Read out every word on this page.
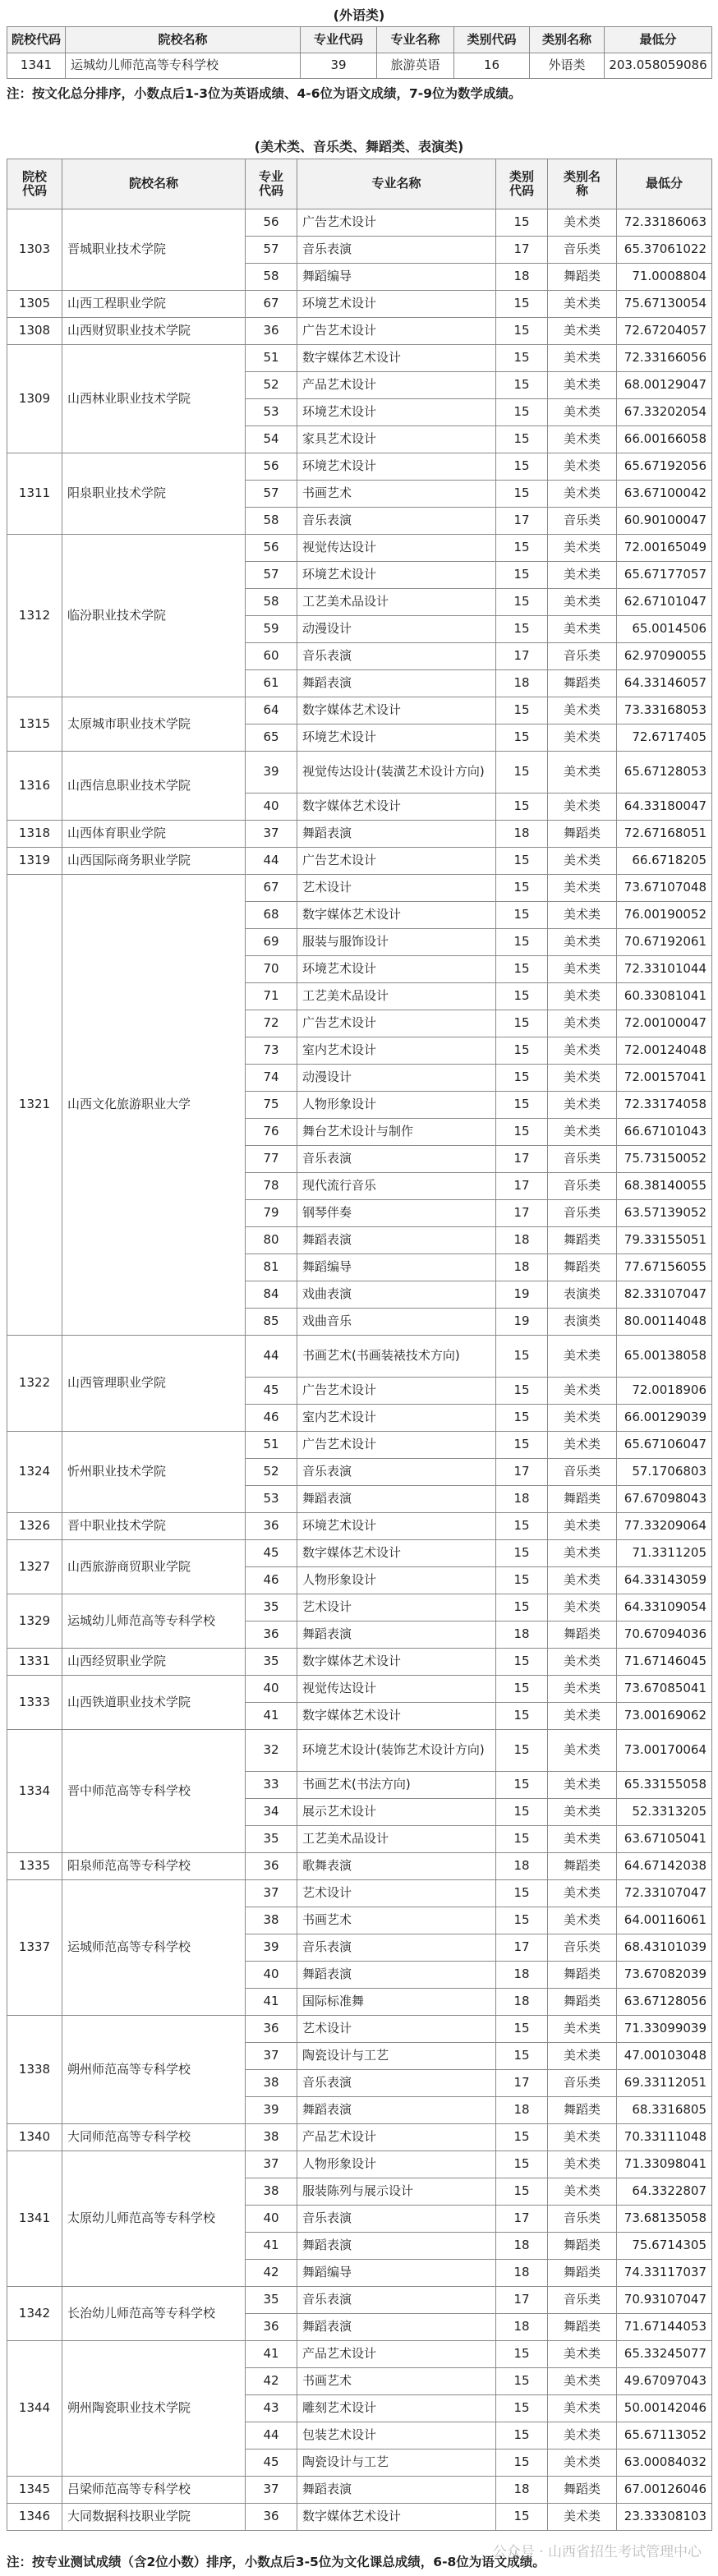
(外语类)
院校代码	院校名称	专业代码	专业名称	类别代码	类别名称	最低分
1341	运城幼儿师范高等专科学校	39	旅游英语	16	外语类	203.058059086
注：按文化总分排序，小数点后1-3位为英语成绩、4-6位为语文成绩，7-9位为数学成绩。
(美术类、音乐类、舞蹈类、表演类)
院校代码	院校名称	专业代码	专业名称	类别代码	类别名称	最低分
1303	晋城职业技术学院	56	广告艺术设计	15	美术类	72.33186063
		57	音乐表演	17	音乐类	65.37061022
		58	舞蹈编导	18	舞蹈类	71.0008804
1305	山西工程职业学院	67	环境艺术设计	15	美术类	75.67130054
1308	山西财贸职业技术学院	36	广告艺术设计	15	美术类	72.67204057
1309	山西林业职业技术学院	51	数字媒体艺术设计	15	美术类	72.33166056
		52	产品艺术设计	15	美术类	68.00129047
		53	环境艺术设计	15	美术类	67.33202054
		54	家具艺术设计	15	美术类	66.00166058
1311	阳泉职业技术学院	56	环境艺术设计	15	美术类	65.67192056
		57	书画艺术	15	美术类	63.67100042
		58	音乐表演	17	音乐类	60.90100047
1312	临汾职业技术学院	56	视觉传达设计	15	美术类	72.00165049
		57	环境艺术设计	15	美术类	65.67177057
		58	工艺美术品设计	15	美术类	62.67101047
		59	动漫设计	15	美术类	65.0014506
		60	音乐表演	17	音乐类	62.97090055
		61	舞蹈表演	18	舞蹈类	64.33146057
1315	太原城市职业技术学院	64	数字媒体艺术设计	15	美术类	73.33168053
		65	环境艺术设计	15	美术类	72.6717405
1316	山西信息职业技术学院	39	视觉传达设计(装潢艺术设计方向)	15	美术类	65.67128053
		40	数字媒体艺术设计	15	美术类	64.33180047
1318	山西体育职业学院	37	舞蹈表演	18	舞蹈类	72.67168051
1319	山西国际商务职业学院	44	广告艺术设计	15	美术类	66.6718205
1321	山西文化旅游职业大学	67	艺术设计	15	美术类	73.67107048
		68	数字媒体艺术设计	15	美术类	76.00190052
		69	服装与服饰设计	15	美术类	70.67192061
		70	环境艺术设计	15	美术类	72.33101044
		71	工艺美术品设计	15	美术类	60.33081041
		72	广告艺术设计	15	美术类	72.00100047
		73	室内艺术设计	15	美术类	72.00124048
		74	动漫设计	15	美术类	72.00157041
		75	人物形象设计	15	美术类	72.33174058
		76	舞台艺术设计与制作	15	美术类	66.67101043
		77	音乐表演	17	音乐类	75.73150052
		78	现代流行音乐	17	音乐类	68.38140055
		79	钢琴伴奏	17	音乐类	63.57139052
		80	舞蹈表演	18	舞蹈类	79.33155051
		81	舞蹈编导	18	舞蹈类	77.67156055
		84	戏曲表演	19	表演类	82.33107047
		85	戏曲音乐	19	表演类	80.00114048
1322	山西管理职业学院	44	书画艺术(书画装裱技术方向)	15	美术类	65.00138058
		45	广告艺术设计	15	美术类	72.0018906
		46	室内艺术设计	15	美术类	66.00129039
1324	忻州职业技术学院	51	广告艺术设计	15	美术类	65.67106047
		52	音乐表演	17	音乐类	57.1706803
		53	舞蹈表演	18	舞蹈类	67.67098043
1326	晋中职业技术学院	36	环境艺术设计	15	美术类	77.33209064
1327	山西旅游商贸职业学院	45	数字媒体艺术设计	15	美术类	71.3311205
		46	人物形象设计	15	美术类	64.33143059
1329	运城幼儿师范高等专科学校	35	艺术设计	15	美术类	64.33109054
		36	舞蹈表演	18	舞蹈类	70.67094036
1331	山西经贸职业学院	35	数字媒体艺术设计	15	美术类	71.67146045
1333	山西铁道职业技术学院	40	视觉传达设计	15	美术类	73.67085041
		41	数字媒体艺术设计	15	美术类	73.00169062
1334	晋中师范高等专科学校	32	环境艺术设计(装饰艺术设计方向)	15	美术类	73.00170064
		33	书画艺术(书法方向)	15	美术类	65.33155058
		34	展示艺术设计	15	美术类	52.3313205
		35	工艺美术品设计	15	美术类	63.67105041
1335	阳泉师范高等专科学校	36	歌舞表演	18	舞蹈类	64.67142038
1337	运城师范高等专科学校	37	艺术设计	15	美术类	72.33107047
		38	书画艺术	15	美术类	64.00116061
		39	音乐表演	17	音乐类	68.43101039
		40	舞蹈表演	18	舞蹈类	73.67082039
		41	国际标准舞	18	舞蹈类	63.67128056
1338	朔州师范高等专科学校	36	艺术设计	15	美术类	71.33099039
		37	陶瓷设计与工艺	15	美术类	47.00103048
		38	音乐表演	17	音乐类	69.33112051
		39	舞蹈表演	18	舞蹈类	68.3316805
1340	大同师范高等专科学校	38	产品艺术设计	15	美术类	70.33111048
1341	太原幼儿师范高等专科学校	37	人物形象设计	15	美术类	71.33098041
		38	服装陈列与展示设计	15	美术类	64.3322807
		40	音乐表演	17	音乐类	73.68135058
		41	舞蹈表演	18	舞蹈类	75.6714305
		42	舞蹈编导	18	舞蹈类	74.33117037
1342	长治幼儿师范高等专科学校	35	音乐表演	17	音乐类	70.93107047
		36	舞蹈表演	18	舞蹈类	71.67144053
1344	朔州陶瓷职业技术学院	41	产品艺术设计	15	美术类	65.33245077
		42	书画艺术	15	美术类	49.67097043
		43	雕刻艺术设计	15	美术类	50.00142046
		44	包装艺术设计	15	美术类	65.67113052
		45	陶瓷设计与工艺	15	美术类	63.00084032
1345	吕梁师范高等专科学校	37	舞蹈表演	18	舞蹈类	67.00126046
1346	大同数据科技职业学院	36	数字媒体艺术设计	15	美术类	23.33308103
注：按专业测试成绩（含2位小数）排序，小数点后3-5位为文化课总成绩，6-8位为语文成绩。
公众号 · 山西省招生考试管理中心
